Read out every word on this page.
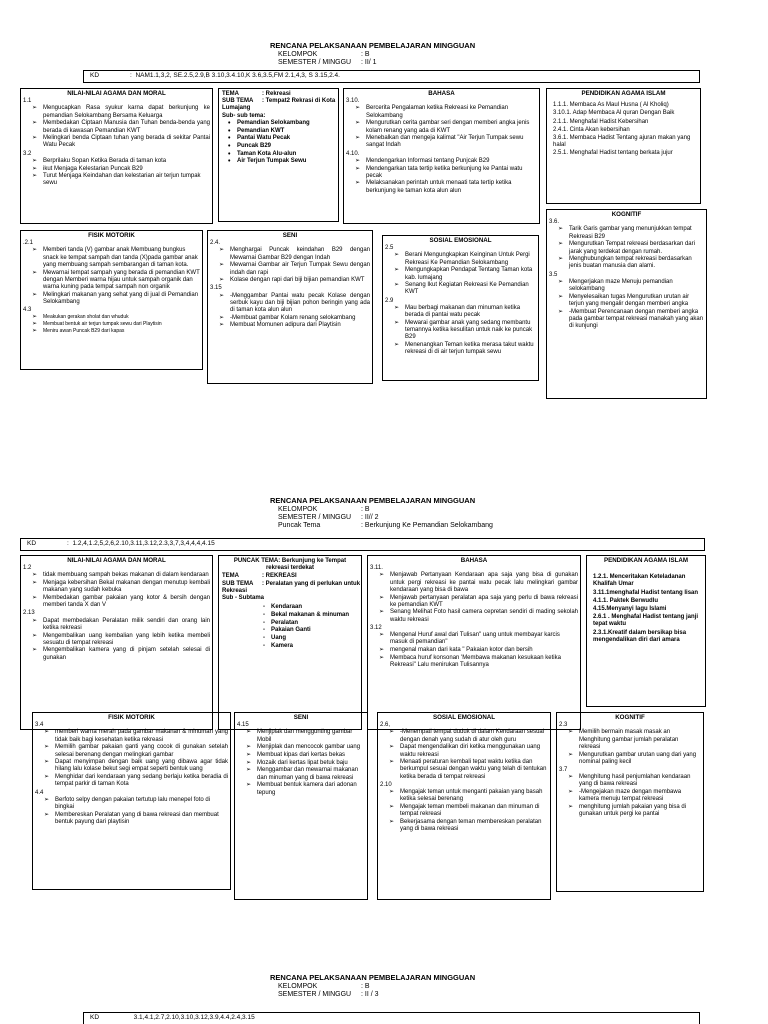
RENCANA PELAKSANAAN PEMBELAJARAN MINGGUAN
KELOMPOK	: B
SEMESTER / MINGGU : II/ 1
KD	: NAM1.1,3,2, SE.2.5,2.9,B 3.10,3.4.10,K 3.6,3.5,FM 2.1,4,3, S 3.15,2.4.
NILAI-NILAI AGAMA DAN MORAL
1.1
➢ Mengucapkan Rasa syukur karna dapat berkunjung ke pemandian Selokambang Bersama Keluarga
➢ Membedakan Ciptaan Manusia dan Tuhan benda-benda yang berada di kawasan Pemandian KWT
➢ Melingkari benda Ciptaan tuhan yang berada di sekitar Pantai Watu Pecak
3.2
➢ Berprilaku Sopan Ketika Berada di taman kota
➢ ikut Menjaga Kelestarian Puncak B29
➢ Turut Menjaga Keindahan dan kelestarian air terjun tumpak sewu
TEMA	: Rekreasi
SUB TEMA : Tempat2 Rekrasi di Kota Lumajang
Sub- sub tema:
• Pemandian Selokambang
• Pemandian KWT
• Pantai Watu Pecak
• Puncak B29
• Taman Kota Alu-alun
• Air Terjun Tumpak Sewu
BAHASA
3.10.
➢ Bercerita Pengalaman ketika Rekreasi ke Pemandian Selokambang
➢ Mengurutkan cerita gambar seri dengan memberi angka jenis kolam renang yang ada di KWT
➢ Menebalkan dan mengeja kalimat "Air Terjun Tumpak sewu sangat Indah
4.10.
➢ Mendengarkan Informasi tentang Punjcak B29
➢ Mendengarkan tata tertip ketika berkunjung ke Pantai watu pecak
➢ Melaksanakan perintah untuk menaati tata tertip ketika berkunjung ke taman kota alun alun
PENDIDIKAN AGAMA ISLAM

1.1.1. Membaca As Maul Husna ( Al Kholiq)

3.10.1. Adap Membaca Al quran Dengan Baik

2.1.1. Menghafal Hadist Kebersihan

2.4.1. Cinta Akan kebersihan

3.6.1. Membaca Hadist Tentang ajuran makan yang halal

2.5.1. Menghafal Hadist tentang berkata jujur

FISIK MOTORIK
.2.1
➢ Memberi tanda (V) gambar anak Membuang bungkus snack ke tempat sampah dan tanda (X)pada gambar anak yang membuang sampah sembarangan di taman kota.
➢ Mewarnai tempat sampah yang berada di pemandian KWT dengan Memberi warna hijau untuk sampah organik dan warna kuning pada tempat sampah non organik
➢ Melingkari makanan yang sehat yang di jual di Pemandian Selokambang
4.3
➢ Meakukan gerakan sholat dan whuduk
➢ Membuat bentuk air terjun tumpak sewu dari Playtisin
➢ Meniru awan Puncak B29 dari kapas
SENI
2.4.
➢ Menghargai Puncak keindahan B29 dengan Mewarnai Gambar B29 dengan Indah
➢ Mewarnai Gambar air Terjun Tumpak Sewu dengan indah dan rapi
➢ Kolase dengan rapi dari biji bijian pemandian KWT
3.15
➢ -Menggambar Pantai watu pecak Kolase dengan serbuk kayu dan biji bijian pohon beringin yang ada di taman kota alun alun
➢ -Membuat gambar Kolam renang selokambang
➢ Membuat Momunen adipura dari Playtisin
SOSIAL EMOSIONAL
2.5
➢ Berani Mengungkapkan Keinginan Untuk Pergi Rekreasi Ke Pemandian Selokambang
➢ Mengungkapkan Pendapat Tentang Taman kota kab. lumajang
➢ Senang Ikut Kegiatan Rekreasi Ke Pemandian KWT
2.9
➢ Mau berbagi makanan dan minuman ketika berada di pantai watu pecak
➢ Mewarai gambar anak yang sedang membantu temannya ketika kesulitan untuk naik ke puncak B29
➢ Menenangkan Teman ketika merasa takut waktu rekreasi di di air terjun tumpak sewu
KOGNITIF
3.6.
➢ Tarik Garis gambar yang menunjukkan tempat Rekreasi B29
➢ Mengurutkan Tempat rekreasi berdasarkan dari jarak yang terdekat dengan rumah.
➢ Menghubungkan tempat rekreasi berdasarkan jenis buatan manusia dan alami.
3.5
➢ Mengerjakan maze Menuju pemandian selokambang
➢ Menyelesaikan tugas Mengurutkan urutan air terjun yang mengalir dengan memberi angka
➢ -Membuat Perencanaan dengan memberi angka pada gambar tempat rekreasi manakah yang akan di kunjungi
RENCANA PELAKSANAAN PEMBELAJARAN MINGGUAN
KELOMPOK	: B
SEMESTER / MINGGU : II// 2
Puncak Tema	: Berkunjung Ke Pemandian Selokambang
KD	: 1.2,4,1.2,5,2,6,2.10,3.11,3.12,2.3,3,7,3,4,4,4,4.15
NILAI-NILAI AGAMA DAN MORAL
1.2
➢ tidak membuang sampah bekas makanan di dalam kendaraan
➢ Menjaga kebersihan Bekal makanan dengan menutup kembali makanan yang sudah kebuka
➢ Membedakan gambar pakaian yang kotor & bersih dengan memberi tanda X dan V
2.13
➢ Dapat membedakan Peralatan milik sendiri dan orang lain ketika rekreasi
➢ Mengembalikan uang kembalian yang lebih ketika membeli sesuatu di tempat rekreasi
➢ Mengembalikan kamera yang di pinjam setelah selesai di gunakan
PUNCAK TEMA: Berkunjung ke Tempat rekreasi terdekat
TEMA	: REKREASI
SUB TEMA : Peralatan yang di perlukan untuk Rekreasi
Sub - Subtama
- Kendaraan
- Bekal makanan & minuman
- Peralatan
- Pakaian Ganti
- Uang
- Kamera
BAHASA
3.11.
➢ Menjawab Pertanyaan Kendaraan apa saja yang bisa di gunakan untuk pergi rekreasi ke pantai watu pecak lalu melingkari gambar kendaraan yang bisa di bawa
➢ Menjawab pertanyaan peralatan apa saja yang perlu di bawa rekreasi ke pemandian KWT
➢ Senang Melihat Foto hasil camera cepretan sendiri di mading sekolah waktu rekreasi
3.12
➢ Mengenal Huruf awal dari Tulisan" uang untuk membayar karcis masuk di pemandian"
➢ mengenal makan dari kata " Pakaian kotor dan bersih
➢ Membaca huruf konsonan 'Membawa makanan kesukaan ketika Rekreasi" Lalu menirukan Tulisannya
PENDIDIKAN AGAMA ISLAM

1.2.1. Menceritakan Keteladanan Khalifah Umar

3.11.1menghafal Hadist tentang lisan

4.1.1. Paktek Berwudlu

4.15.Menyanyi lagu Islami

2.6.1 . Menghafal Hadist tentang janji tepat waktu

2.3.1.Kreatif dalam bersikap bisa mengendalikan diri dari amara

FISIK MOTORIK
3.4
➢ memberi warna merah pada gambar makanan & minuman yang tidak baik bagi kesehatan ketika rekreasi
➢ Memilih gambar pakaian ganti yang cocok di gunakan setelah selesai berenang dengan melingkari gambar
➢ Dapat menyimpan dengan baik uang yang dibawa agar tidak hilang lalu kolase bekut segi empat seperti bentuk uang
➢ Menghidar dari kendaraan yang sedang berlaju ketika beradia di tempat parkir di taman Kota
4.4
➢ Berfoto selpy dengan pakaian tertutup lalu menepel foto di bingkai
➢ Membereskan Peralatan yang di bawa rekreasi dan membuat bentuk payung dari playtisin
SENI
4.15
➢ Menjiplak dan menggunting gambar Mobil
➢ Menjiplak dan mencocok gambar uang
➢ Membuat kipas dari kertas bekas
➢ Mozaik dari kertas lipat betuk baju
➢ Menggambar dan mewarnai makanan dan minuman yang di bawa rekreasi
➢ Membuat bentuk kamera dari adonan tepung
SOSIAL EMOSIONAL
2.6,
➢ -Menempati tempat duduk di dalam Kendaraan sesuai dengan denah yang sudah di atur oleh guru
➢ Dapat mengendalikan diri ketika menggunakan uang waktu rekreasi
➢ Menaati peraturan kembali tepat waktu ketika dan berkumpul sesuai dengan waktu yang telah di tentukan ketika berada di tempat rekreasi
2.10
➢ Mengajak teman untuk menganti pakaian yang basah ketika selesai berenang
➢ Mengajak teman membeli makanan dan minuman di tempat rekreasi
➢ Bekerjasama dengan teman membereskan peralatan yang di bawa rekreasi
KOGNITIF
2.3
➢ Memilih bermain masak masak an Menghitung gambar jumlah peralatan rekreasi
➢ Mengurutkan gambar urutan uang dari yang nominal paling kecil
3.7
➢ Menghitung hasil penjumlahan kendaraan yang di bawa rekreasi
➢ -Mengejakan maze dengan membawa kamera menuju tempat rekreasi
➢ menghitung jumlah pakaian yang bisa di gunakan untuk pergi ke pantai
RENCANA PELAKSANAAN PEMBELAJARAN MINGGUAN
KELOMPOK	: B
SEMESTER / MINGGU : II / 3
KD	3.1,4.1,2.7,2.10,3.10,3.12,3.9,4.4,2.4,3.15
